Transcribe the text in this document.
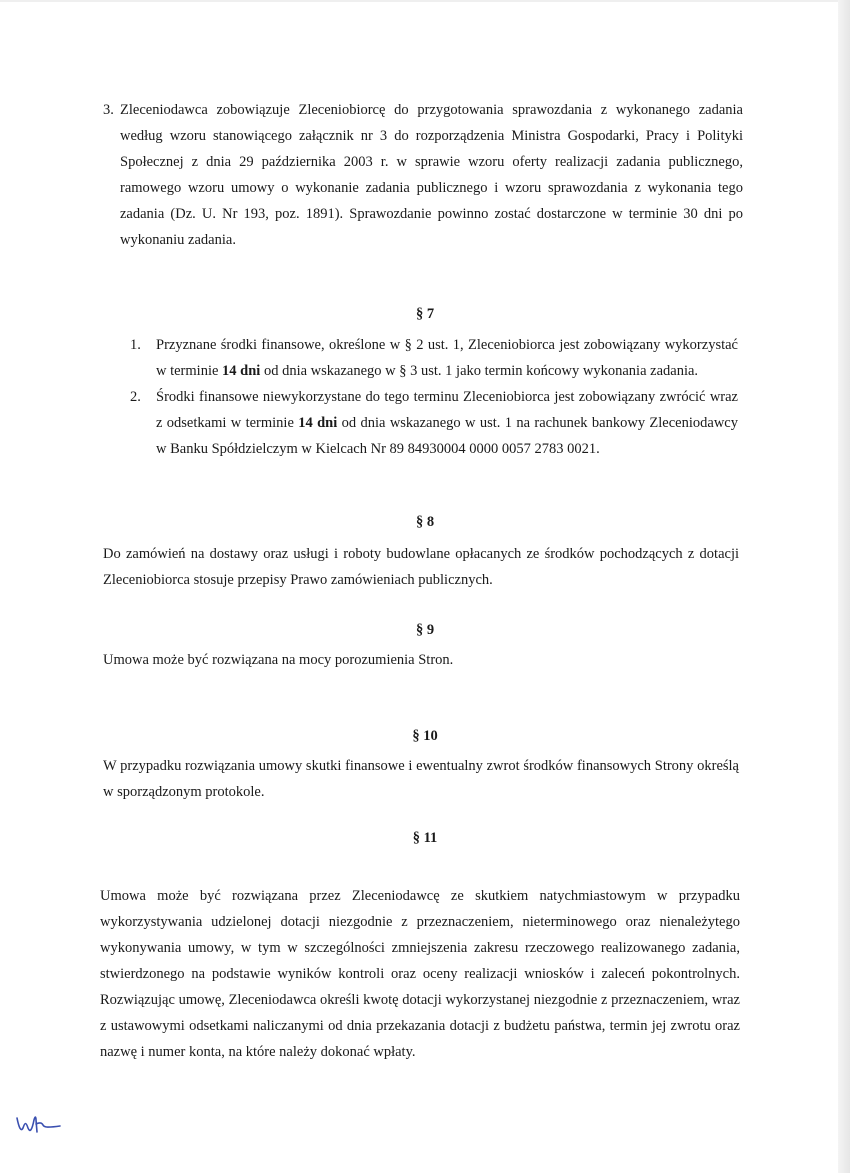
3. Zleceniodawca zobowiązuje Zleceniobiorcę do przygotowania sprawozdania z wykonanego zadania według wzoru stanowiącego załącznik nr 3 do rozporządzenia Ministra Gospodarki, Pracy i Polityki Społecznej z dnia 29 października 2003 r. w sprawie wzoru oferty realizacji zadania publicznego, ramowego wzoru umowy o wykonanie zadania publicznego i wzoru sprawozdania z wykonania tego zadania (Dz. U. Nr 193, poz. 1891). Sprawozdanie powinno zostać dostarczone w terminie 30 dni po wykonaniu zadania.
§ 7
1. Przyznane środki finansowe, określone w § 2 ust. 1, Zleceniobiorca jest zobowiązany wykorzystać w terminie 14 dni od dnia wskazanego w § 3 ust. 1 jako termin końcowy wykonania zadania.
2. Środki finansowe niewykorzystane do tego terminu Zleceniobiorca jest zobowiązany zwrócić wraz z odsetkami w terminie 14 dni od dnia wskazanego w ust. 1 na rachunek bankowy Zleceniodawcy w Banku Spółdzielczym w Kielcach Nr 89 84930004 0000 0057 2783 0021.
§ 8
Do zamówień na dostawy oraz usługi i roboty budowlane opłacanych ze środków pochodzących z dotacji Zleceniobiorca stosuje przepisy Prawo zamówieniach publicznych.
§ 9
Umowa może być rozwiązana na mocy porozumienia Stron.
§ 10
W przypadku rozwiązania umowy skutki finansowe i ewentualny zwrot środków finansowych Strony określą w sporządzonym protokole.
§ 11
Umowa może być rozwiązana przez Zleceniodawcę ze skutkiem natychmiastowym w przypadku wykorzystywania udzielonej dotacji niezgodnie z przeznaczeniem, nieterminowego oraz nienależytego wykonywania umowy, w tym w szczególności zmniejszenia zakresu rzeczowego realizowanego zadania, stwierdzonego na podstawie wyników kontroli oraz oceny realizacji wniosków i zaleceń pokontrolnych. Rozwiązując umowę, Zleceniodawca określi kwotę dotacji wykorzystanej niezgodnie z przeznaczeniem, wraz z ustawowymi odsetkami naliczanymi od dnia przekazania dotacji z budżetu państwa, termin jej zwrotu oraz nazwę i numer konta, na które należy dokonać wpłaty.
